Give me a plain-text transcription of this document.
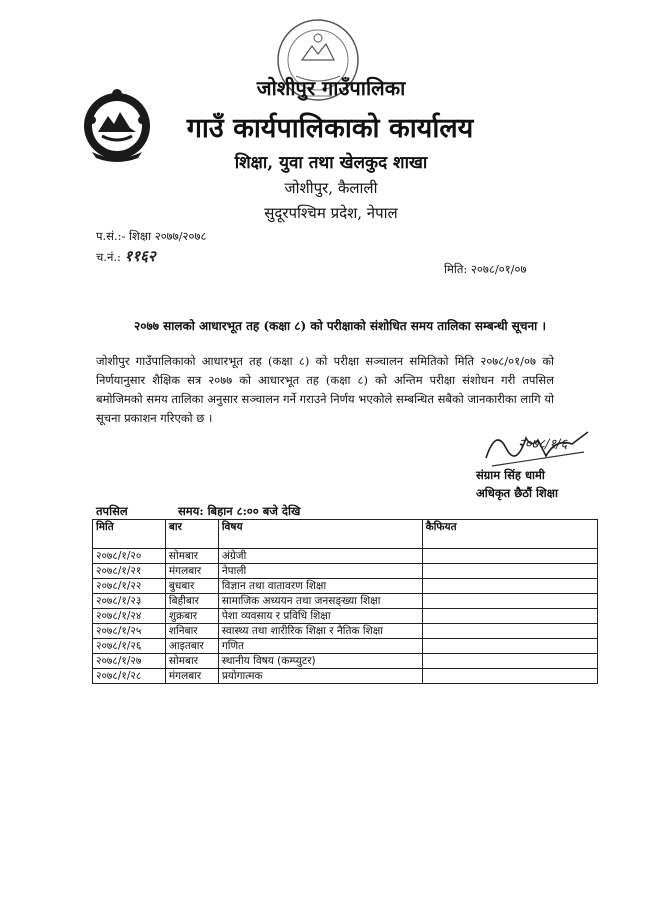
जोशीपुर गाउँपालिका
गाउँ कार्यपालिकाको कार्यालय
शिक्षा, युवा तथा खेलकुद शाखा
जोशीपुर, कैलाली
सुदूरपश्चिम प्रदेश, नेपाल
प.सं.:- शिक्षा २०७७/२०७८
च.नं.: ११६२
मिति: २०७८/०१/०७
२०७७ सालको आधारभूत तह (कक्षा ८) को परीक्षाको संशोधित समय तालिका सम्बन्धी सूचना ।
जोशीपुर गाउँपालिकाको आधारभूत तह (कक्षा ८) को परीक्षा सञ्चालन समितिको मिति २०७८/०१/०७ को निर्णयानुसार शैक्षिक सत्र २०७७ को आधारभूत तह (कक्षा ८) को अन्तिम परीक्षा संशोधन गरी तपसिल बमोजिमको समय तालिका अनुसार सञ्चालन गर्ने गराउने निर्णय भएकोले सम्बन्धित सबैको जानकारीका लागि यो सूचना प्रकाशन गरिएको छ ।
२०७८/१/६
संग्राम सिंह धामी
अधिकृत छैठौं शिक्षा
तपसिल	समय: बिहान ८:०० बजे देखि
मिति	बार	विषय	कैफियत
२०७८/१/२०	सोमबार	अंग्रेजी	
२०७८/१/२१	मंगलबार	नेपाली	
२०७८/१/२२	बुधबार	विज्ञान तथा वातावरण शिक्षा	
२०७८/१/२३	बिहीबार	सामाजिक अध्ययन तथा जनसङ्ख्या शिक्षा	
२०७८/१/२४	शुक्रबार	पेशा व्यवसाय र प्रविधि शिक्षा	
२०७८/१/२५	शनिबार	स्वास्थ्य तथा शारीरिक शिक्षा र नैतिक शिक्षा	
२०७८/१/२६	आइतबार	गणित	
२०७८/१/२७	सोमबार	स्थानीय विषय (कम्प्युटर)	
२०७८/१/२८	मंगलबार	प्रयोगात्मक	
